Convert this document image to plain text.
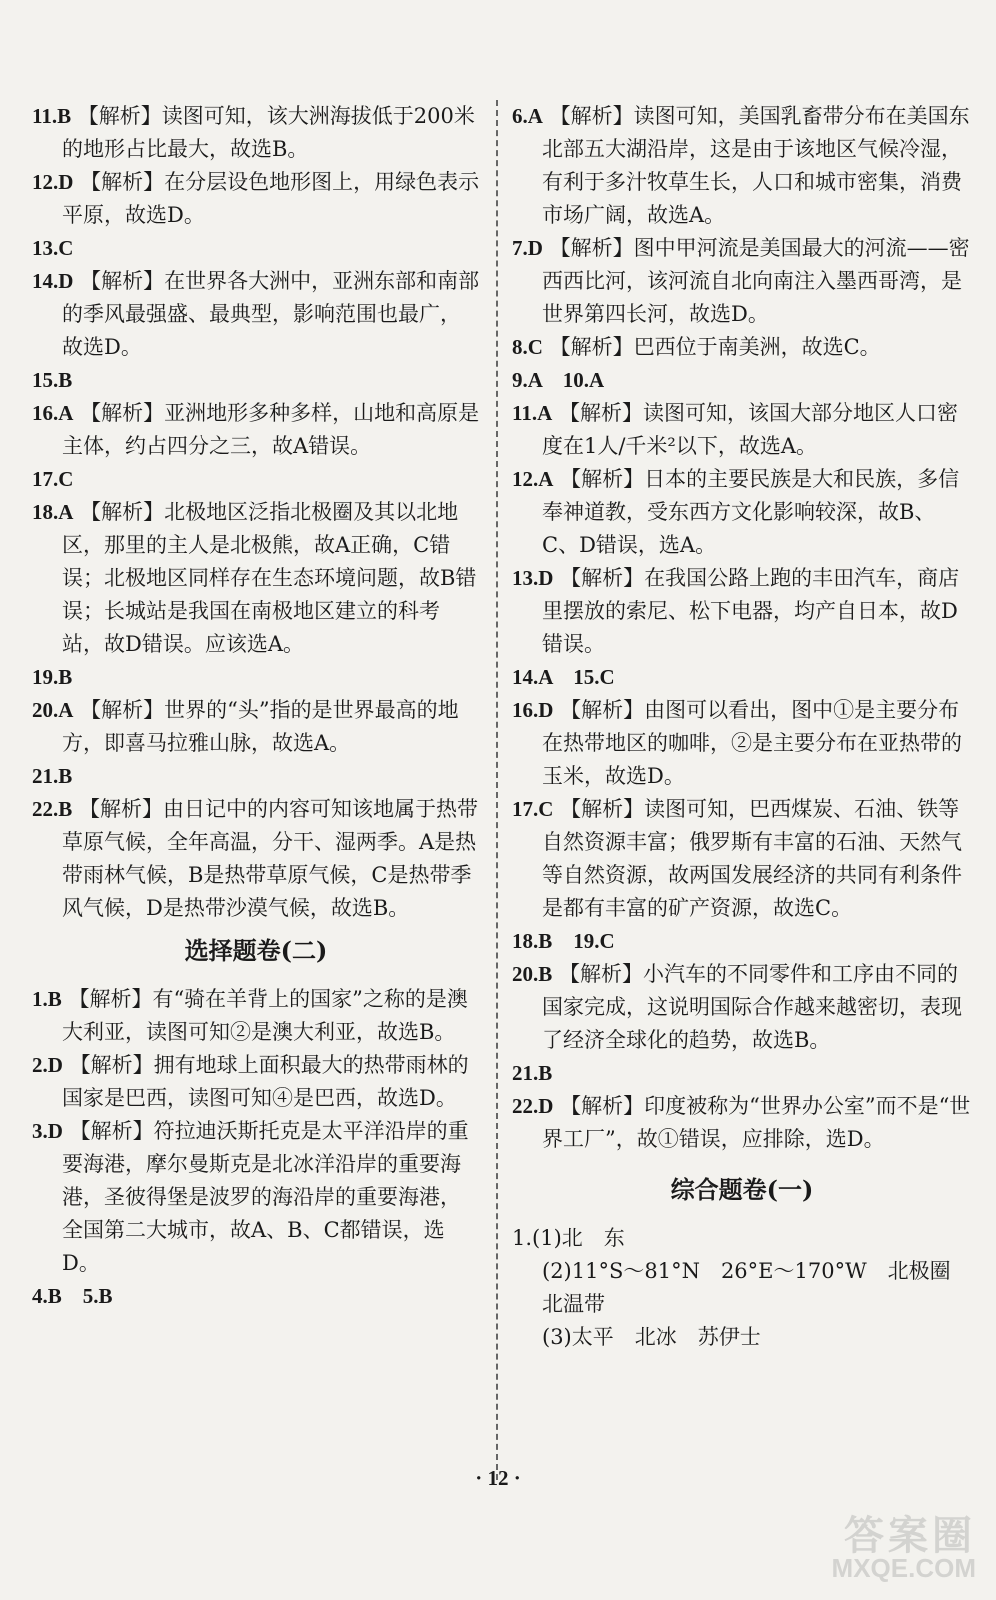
11.B 【解析】读图可知，该大洲海拔低于200米的地形占比最大，故选B。

12.D 【解析】在分层设色地形图上，用绿色表示平原，故选D。

13.C

14.D 【解析】在世界各大洲中，亚洲东部和南部的季风最强盛、最典型，影响范围也最广，故选D。

15.B

16.A 【解析】亚洲地形多种多样，山地和高原是主体，约占四分之三，故A错误。

17.C

18.A 【解析】北极地区泛指北极圈及其以北地区，那里的主人是北极熊，故A正确，C错误；北极地区同样存在生态环境问题，故B错误；长城站是我国在南极地区建立的科考站，故D错误。应该选A。

19.B

20.A 【解析】世界的“头”指的是世界最高的地方，即喜马拉雅山脉，故选A。

21.B

22.B 【解析】由日记中的内容可知该地属于热带草原气候，全年高温，分干、湿两季。A是热带雨林气候，B是热带草原气候，C是热带季风气候，D是热带沙漠气候，故选B。

选择题卷(二)

1.B 【解析】有“骑在羊背上的国家”之称的是澳大利亚，读图可知②是澳大利亚，故选B。

2.D 【解析】拥有地球上面积最大的热带雨林的国家是巴西，读图可知④是巴西，故选D。

3.D 【解析】符拉迪沃斯托克是太平洋沿岸的重要海港，摩尔曼斯克是北冰洋沿岸的重要海港，圣彼得堡是波罗的海沿岸的重要海港，全国第二大城市，故A、B、C都错误，选D。

4.B　5.B

6.A 【解析】读图可知，美国乳畜带分布在美国东北部五大湖沿岸，这是由于该地区气候冷湿，有利于多汁牧草生长，人口和城市密集，消费市场广阔，故选A。

7.D 【解析】图中甲河流是美国最大的河流——密西西比河，该河流自北向南注入墨西哥湾，是世界第四长河，故选D。

8.C 【解析】巴西位于南美洲，故选C。

9.A　10.A

11.A 【解析】读图可知，该国大部分地区人口密度在1人/千米²以下，故选A。

12.A 【解析】日本的主要民族是大和民族，多信奉神道教，受东西方文化影响较深，故B、C、D错误，选A。

13.D 【解析】在我国公路上跑的丰田汽车，商店里摆放的索尼、松下电器，均产自日本，故D错误。

14.A　15.C

16.D 【解析】由图可以看出，图中①是主要分布在热带地区的咖啡，②是主要分布在亚热带的玉米，故选D。

17.C 【解析】读图可知，巴西煤炭、石油、铁等自然资源丰富；俄罗斯有丰富的石油、天然气等自然资源，故两国发展经济的共同有利条件是都有丰富的矿产资源，故选C。

18.B　19.C

20.B 【解析】小汽车的不同零件和工序由不同的国家完成，这说明国际合作越来越密切，表现了经济全球化的趋势，故选B。

21.B

22.D 【解析】印度被称为“世界办公室”而不是“世界工厂”，故①错误，应排除，选D。

综合题卷(一)

1.(1)北　东

(2)11°S～81°N　26°E～170°W　北极圈

北温带

(3)太平　北冰　苏伊士

· 12 ·
答案圈
MXQE.COM
